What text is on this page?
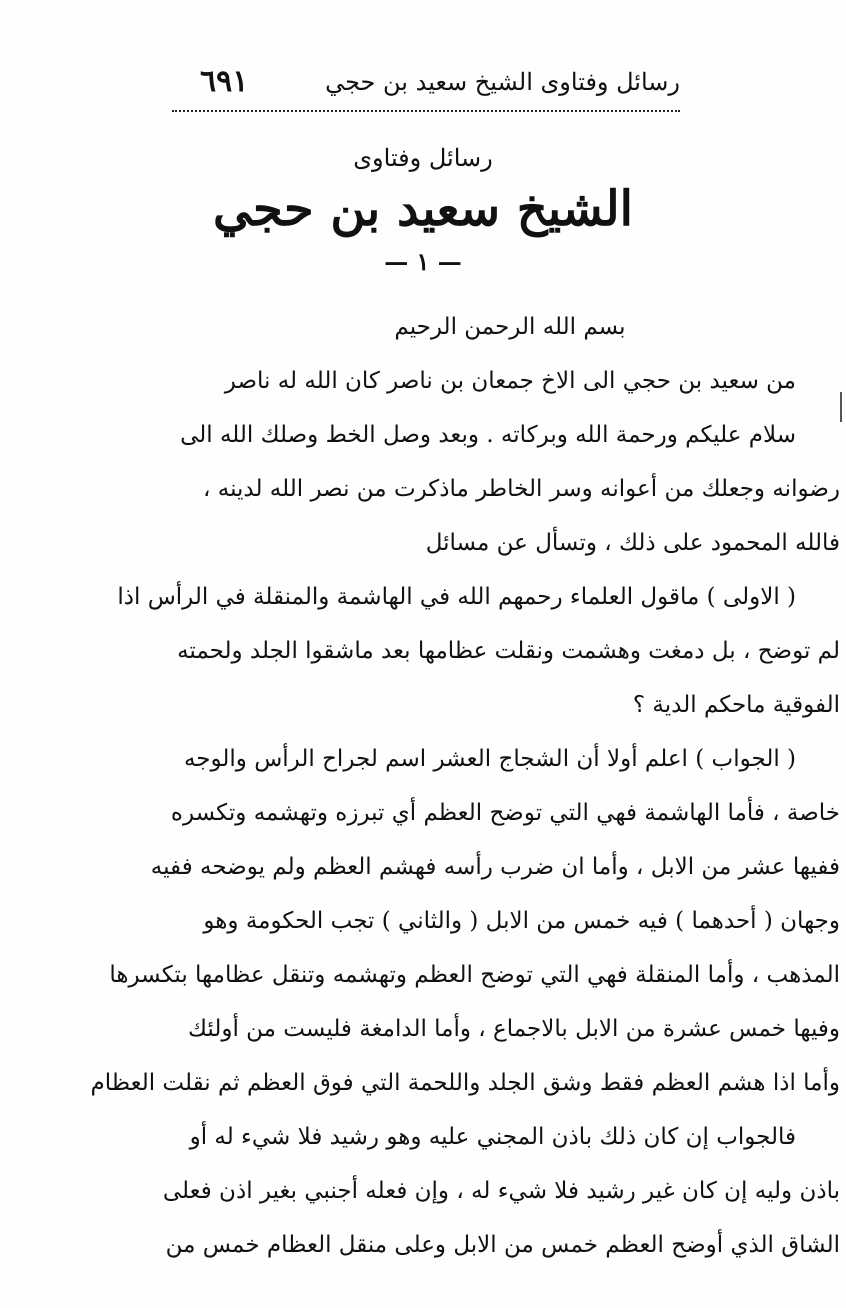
٦٩١	رسائل وفتاوى الشيخ سعيد بن حجي
رسائل وفتاوى
الشيخ سعيد بن حجي
— ١ —
بسم الله الرحمن الرحيم
من سعيد بن حجي الى الاخ جمعان بن ناصر كان الله له ناصر
سلام عليكم ورحمة الله وبركاته . وبعد وصل الخط وصلك الله الى
رضوانه وجعلك من أعوانه وسر الخاطر ماذكرت من نصر الله لدينه ،
فالله المحمود على ذلك ، وتسأل عن مسائل
( الاولى ) ماقول العلماء رحمهم الله في الهاشمة والمنقلة في الرأس اذا
لم توضح ، بل دمغت وهشمت ونقلت عظامها بعد ماشقوا الجلد ولحمته
الفوقية ماحكم الدية ؟
( الجواب ) اعلم أولا أن الشجاج العشر اسم لجراح الرأس والوجه
خاصة ، فأما الهاشمة فهي التي توضح العظم أي تبرزه وتهشمه وتكسره
ففيها عشر من الابل ، وأما ان ضرب رأسه فهشم العظم ولم يوضحه ففيه
وجهان ( أحدهما ) فيه خمس من الابل ( والثاني ) تجب الحكومة وهو
المذهب ، وأما المنقلة فهي التي توضح العظم وتهشمه وتنقل عظامها بتكسرها
وفيها خمس عشرة من الابل بالاجماع ، وأما الدامغة فليست من أولئك
وأما اذا هشم العظم فقط وشق الجلد واللحمة التي فوق العظم ثم نقلت العظام
فالجواب إن كان ذلك باذن المجني عليه وهو رشيد فلا شيء له أو
باذن وليه إن كان غير رشيد فلا شيء له ، وإن فعله أجنبي بغير اذن فعلى
الشاق الذي أوضح العظم خمس من الابل وعلى منقل العظام خمس من
